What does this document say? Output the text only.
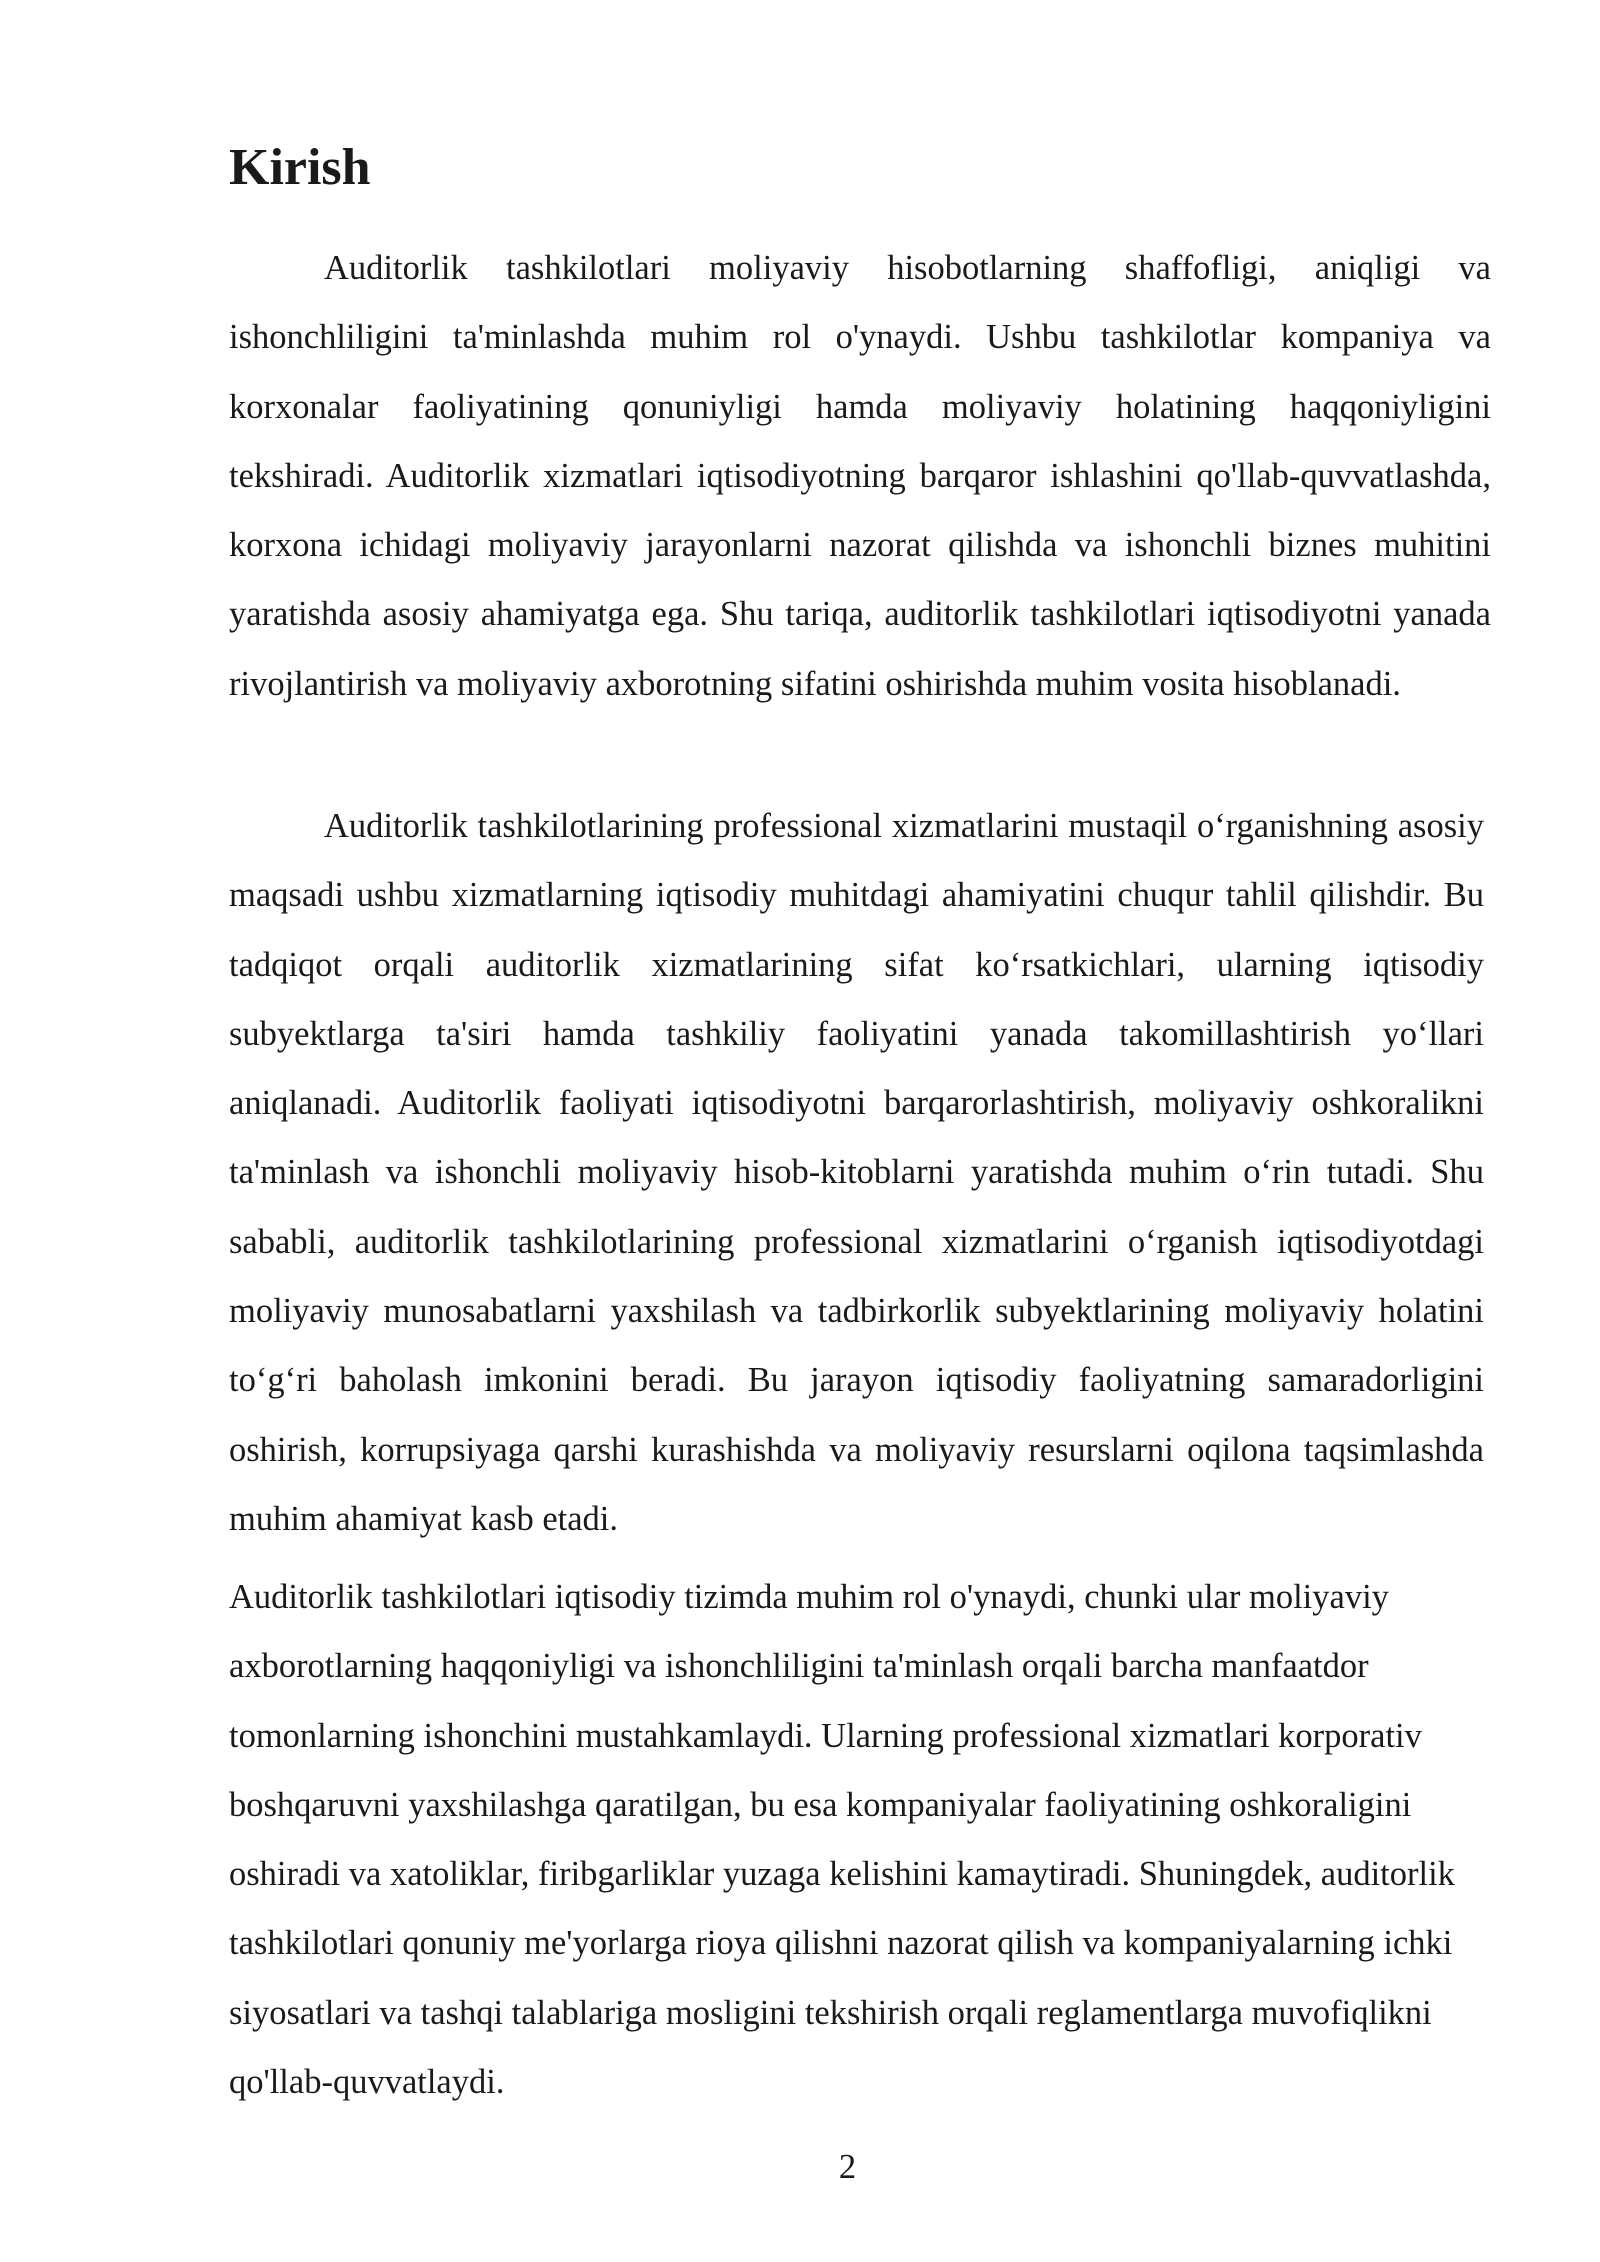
Kirish

Auditorlik tashkilotlari moliyaviy hisobotlarning shaffofligi, aniqligi va ishonchliligini ta'minlashda muhim rol o'ynaydi. Ushbu tashkilotlar kompaniya va korxonalar faoliyatining qonuniyligi hamda moliyaviy holatining haqqoniyligini tekshiradi. Auditorlik xizmatlari iqtisodiyotning barqaror ishlashini qo'llab-quvvatlashda, korxona ichidagi moliyaviy jarayonlarni nazorat qilishda va ishonchli biznes muhitini yaratishda asosiy ahamiyatga ega. Shu tariqa, auditorlik tashkilotlari iqtisodiyotni yanada rivojlantirish va moliyaviy axborotning sifatini oshirishda muhim vosita hisoblanadi.

Auditorlik tashkilotlarining professional xizmatlarini mustaqil o‘rganishning asosiy maqsadi ushbu xizmatlarning iqtisodiy muhitdagi ahamiyatini chuqur tahlil qilishdir. Bu tadqiqot orqali auditorlik xizmatlarining sifat ko‘rsatkichlari, ularning iqtisodiy subyektlarga ta'siri hamda tashkiliy faoliyatini yanada takomillashtirish yo‘llari aniqlanadi. Auditorlik faoliyati iqtisodiyotni barqarorlashtirish, moliyaviy oshkoralikni ta'minlash va ishonchli moliyaviy hisob-kitoblarni yaratishda muhim o‘rin tutadi. Shu sababli, auditorlik tashkilotlarining professional xizmatlarini o‘rganish iqtisodiyotdagi moliyaviy munosabatlarni yaxshilash va tadbirkorlik subyektlarining moliyaviy holatini to‘g‘ri baholash imkonini beradi. Bu jarayon iqtisodiy faoliyatning samaradorligini oshirish, korrupsiyaga qarshi kurashishda va moliyaviy resurslarni oqilona taqsimlashda muhim ahamiyat kasb etadi.

Auditorlik tashkilotlari iqtisodiy tizimda muhim rol o'ynaydi, chunki ular moliyaviy axborotlarning haqqoniyligi va ishonchliligini ta'minlash orqali barcha manfaatdor tomonlarning ishonchini mustahkamlaydi. Ularning professional xizmatlari korporativ boshqaruvni yaxshilashga qaratilgan, bu esa kompaniyalar faoliyatining oshkoraligini oshiradi va xatoliklar, firibgarliklar yuzaga kelishini kamaytiradi. Shuningdek, auditorlik tashkilotlari qonuniy me'yorlarga rioya qilishni nazorat qilish va kompaniyalarning ichki siyosatlari va tashqi talablariga mosligini tekshirish orqali reglamentlarga muvofiqlikni qo'llab-quvvatlaydi.

2
